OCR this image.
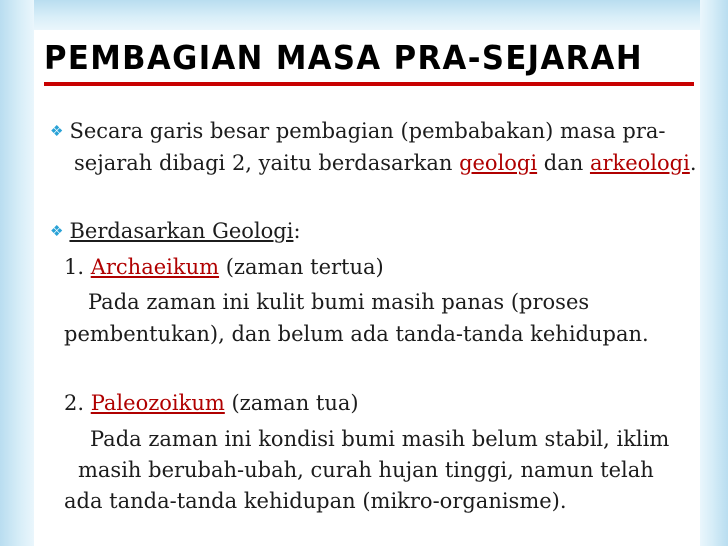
PEMBAGIAN MASA PRA-SEJARAH
❖ Secara garis besar pembagian (pembabakan) masa pra-
sejarah dibagi 2, yaitu berdasarkan geologi dan arkeologi.
❖ Berdasarkan Geologi:
1. Archaeikum (zaman tertua)
Pada zaman ini kulit bumi masih panas (proses
pembentukan), dan belum ada tanda-tanda kehidupan.
2. Paleozoikum (zaman tua)
Pada zaman ini kondisi bumi masih belum stabil, iklim
masih berubah-ubah, curah hujan tinggi, namun telah
ada tanda-tanda kehidupan (mikro-organisme).
